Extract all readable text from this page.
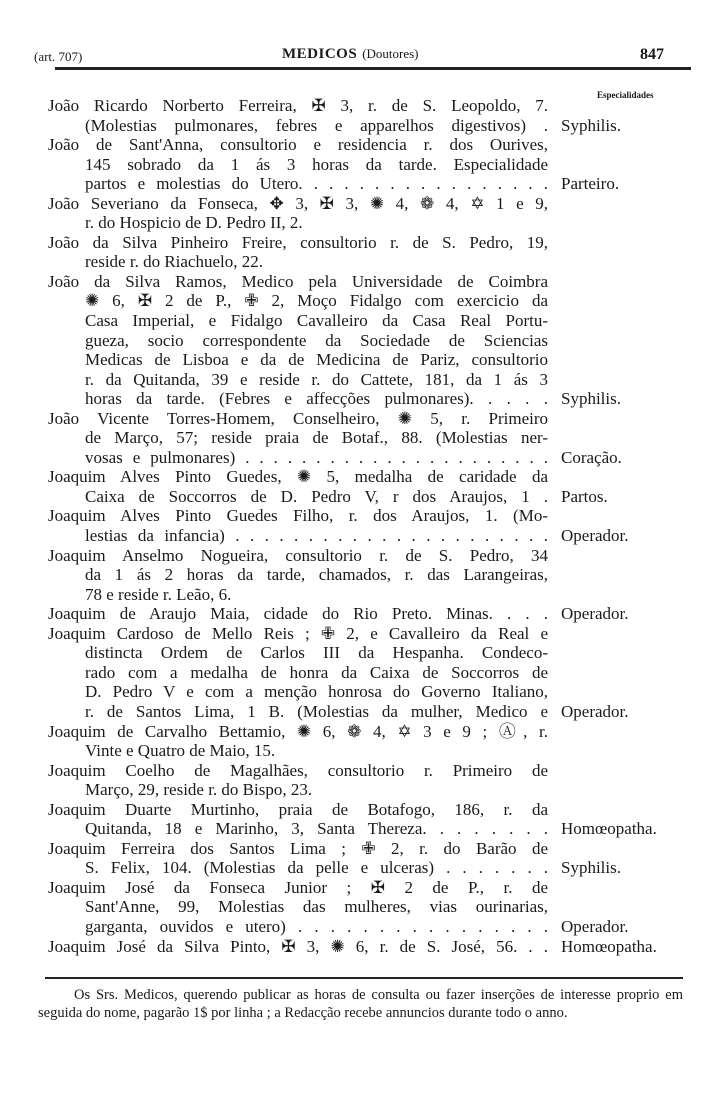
(art. 707)	MEDICOS (Doutores)	847
Especialidades
João Ricardo Norberto Ferreira, ✠ 3, r. de S. Leopoldo, 7.
(Molestias pulmonares, febres e apparelhos digestivos) . Syphilis.
João de Sant'Anna, consultorio e residencia r. dos Ourives,
145 sobrado da 1 ás 3 horas da tarde. Especialidade
partos e molestias do Utero. . . . . . . . . . . . . . . . . Parteiro.
João Severiano da Fonseca, ✥ 3, ✠ 3, ✺ 4, ❁ 4, ✡ 1 e 9,
r. do Hospicio de D. Pedro II, 2.
João da Silva Pinheiro Freire, consultorio r. de S. Pedro, 19,
reside r. do Riachuelo, 22.
João da Silva Ramos, Medico pela Universidade de Coimbra
✺ 6, ✠ 2 de P., ✙ 2, Moço Fidalgo com exercicio da
Casa Imperial, e Fidalgo Cavalleiro da Casa Real Portu-
gueza, socio correspondente da Sociedade de Sciencias
Medicas de Lisboa e da de Medicina de Pariz, consultorio
r. da Quitanda, 39 e reside r. do Cattete, 181, da 1 ás 3
horas da tarde. (Febres e affecções pulmonares). . . . . Syphilis.
João Vicente Torres-Homem, Conselheiro, ✺ 5, r. Primeiro
de Março, 57; reside praia de Botaf., 88. (Molestias ner-
vosas e pulmonares) . . . . . . . . . . . . . . . . . . . . . . Coração.
Joaquim Alves Pinto Guedes, ✺ 5, medalha de caridade da
Caixa de Soccorros de D. Pedro V, r dos Araujos, 1 . Partos.
Joaquim Alves Pinto Guedes Filho, r. dos Araujos, 1. (Mo-
lestias da infancia) . . . . . . . . . . . . . . . . . . . . . . Operador.
Joaquim Anselmo Nogueira, consultorio r. de S. Pedro, 34
da 1 ás 2 horas da tarde, chamados, r. das Larangeiras,
78 e reside r. Leão, 6.
Joaquim de Araujo Maia, cidade do Rio Preto. Minas. . . . Operador.
Joaquim Cardoso de Mello Reis ; ✙ 2, e Cavalleiro da Real e
distincta Ordem de Carlos III da Hespanha. Condeco-
rado com a medalha de honra da Caixa de Soccorros de
D. Pedro V e com a menção honrosa do Governo Italiano,
r. de Santos Lima, 1 B. (Molestias da mulher, Medico e Operador.
Joaquim de Carvalho Bettamio, ✺ 6, ❁ 4, ✡ 3 e 9 ; Ⓐ, r.
Vinte e Quatro de Maio, 15.
Joaquim Coelho de Magalhães, consultorio r. Primeiro de
Março, 29, reside r. do Bispo, 23.
Joaquim Duarte Murtinho, praia de Botafogo, 186, r. da
Quitanda, 18 e Marinho, 3, Santa Thereza. . . . . . . . Homœopatha.
Joaquim Ferreira dos Santos Lima ; ✙ 2, r. do Barão de
S. Felix, 104. (Molestias da pelle e ulceras) . . . . . . . Syphilis.
Joaquim José da Fonseca Junior ; ✠ 2 de P., r. de
Sant'Anne, 99, Molestias das mulheres, vias ourinarias,
garganta, ouvidos e utero) . . . . . . . . . . . . . . . . Operador.
Joaquim José da Silva Pinto, ✠ 3, ✺ 6, r. de S. José, 56. . . Homœopatha.
Os Srs. Medicos, querendo publicar as horas de consulta ou fazer inserções de interesse proprio em seguida do nome, pagarão 1$ por linha ; a Redacção recebe annuncios durante todo o anno.
